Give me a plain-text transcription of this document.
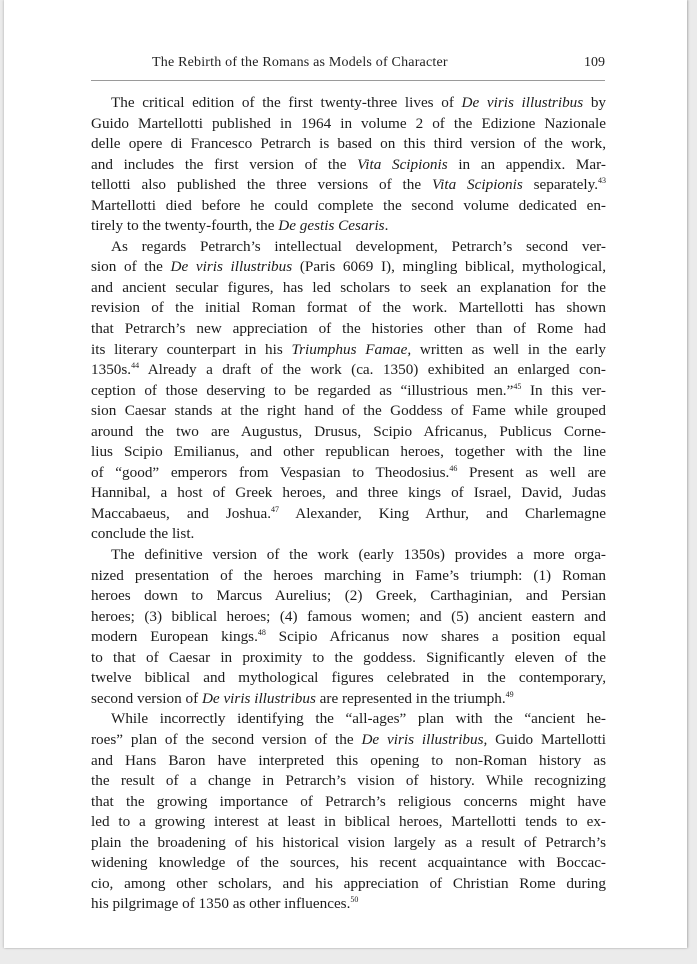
The Rebirth of the Romans as Models of Character	109
The critical edition of the first twenty-three lives of De viris illustribus by
Guido Martellotti published in 1964 in volume 2 of the Edizione Nazionale
delle opere di Francesco Petrarch is based on this third version of the work,
and includes the first version of the Vita Scipionis in an appendix. Mar-
tellotti also published the three versions of the Vita Scipionis separately.$^{43}$
Martellotti died before he could complete the second volume dedicated en-
tirely to the twenty-fourth, the De gestis Cesaris.
As regards Petrarch’s intellectual development, Petrarch’s second ver-
sion of the De viris illustribus (Paris 6069 I), mingling biblical, mythological,
and ancient secular figures, has led scholars to seek an explanation for the
revision of the initial Roman format of the work. Martellotti has shown
that Petrarch’s new appreciation of the histories other than of Rome had
its literary counterpart in his Triumphus Famae, written as well in the early
1350s.$^{44}$ Already a draft of the work (ca. 1350) exhibited an enlarged con-
ception of those deserving to be regarded as “illustrious men.”$^{45}$ In this ver-
sion Caesar stands at the right hand of the Goddess of Fame while grouped
around the two are Augustus, Drusus, Scipio Africanus, Publicus Corne-
lius Scipio Emilianus, and other republican heroes, together with the line
of “good” emperors from Vespasian to Theodosius.$^{46}$ Present as well are
Hannibal, a host of Greek heroes, and three kings of Israel, David, Judas
Maccabaeus, and Joshua.$^{47}$ Alexander, King Arthur, and Charlemagne
conclude the list.
The definitive version of the work (early 1350s) provides a more orga-
nized presentation of the heroes marching in Fame’s triumph: (1) Roman
heroes down to Marcus Aurelius; (2) Greek, Carthaginian, and Persian
heroes; (3) biblical heroes; (4) famous women; and (5) ancient eastern and
modern European kings.$^{48}$ Scipio Africanus now shares a position equal
to that of Caesar in proximity to the goddess. Significantly eleven of the
twelve biblical and mythological figures celebrated in the contemporary,
second version of De viris illustribus are represented in the triumph.$^{49}$
While incorrectly identifying the “all-ages” plan with the “ancient he-
roes” plan of the second version of the De viris illustribus, Guido Martellotti
and Hans Baron have interpreted this opening to non-Roman history as
the result of a change in Petrarch’s vision of history. While recognizing
that the growing importance of Petrarch’s religious concerns might have
led to a growing interest at least in biblical heroes, Martellotti tends to ex-
plain the broadening of his historical vision largely as a result of Petrarch’s
widening knowledge of the sources, his recent acquaintance with Boccac-
cio, among other scholars, and his appreciation of Christian Rome during
his pilgrimage of 1350 as other influences.$^{50}$
